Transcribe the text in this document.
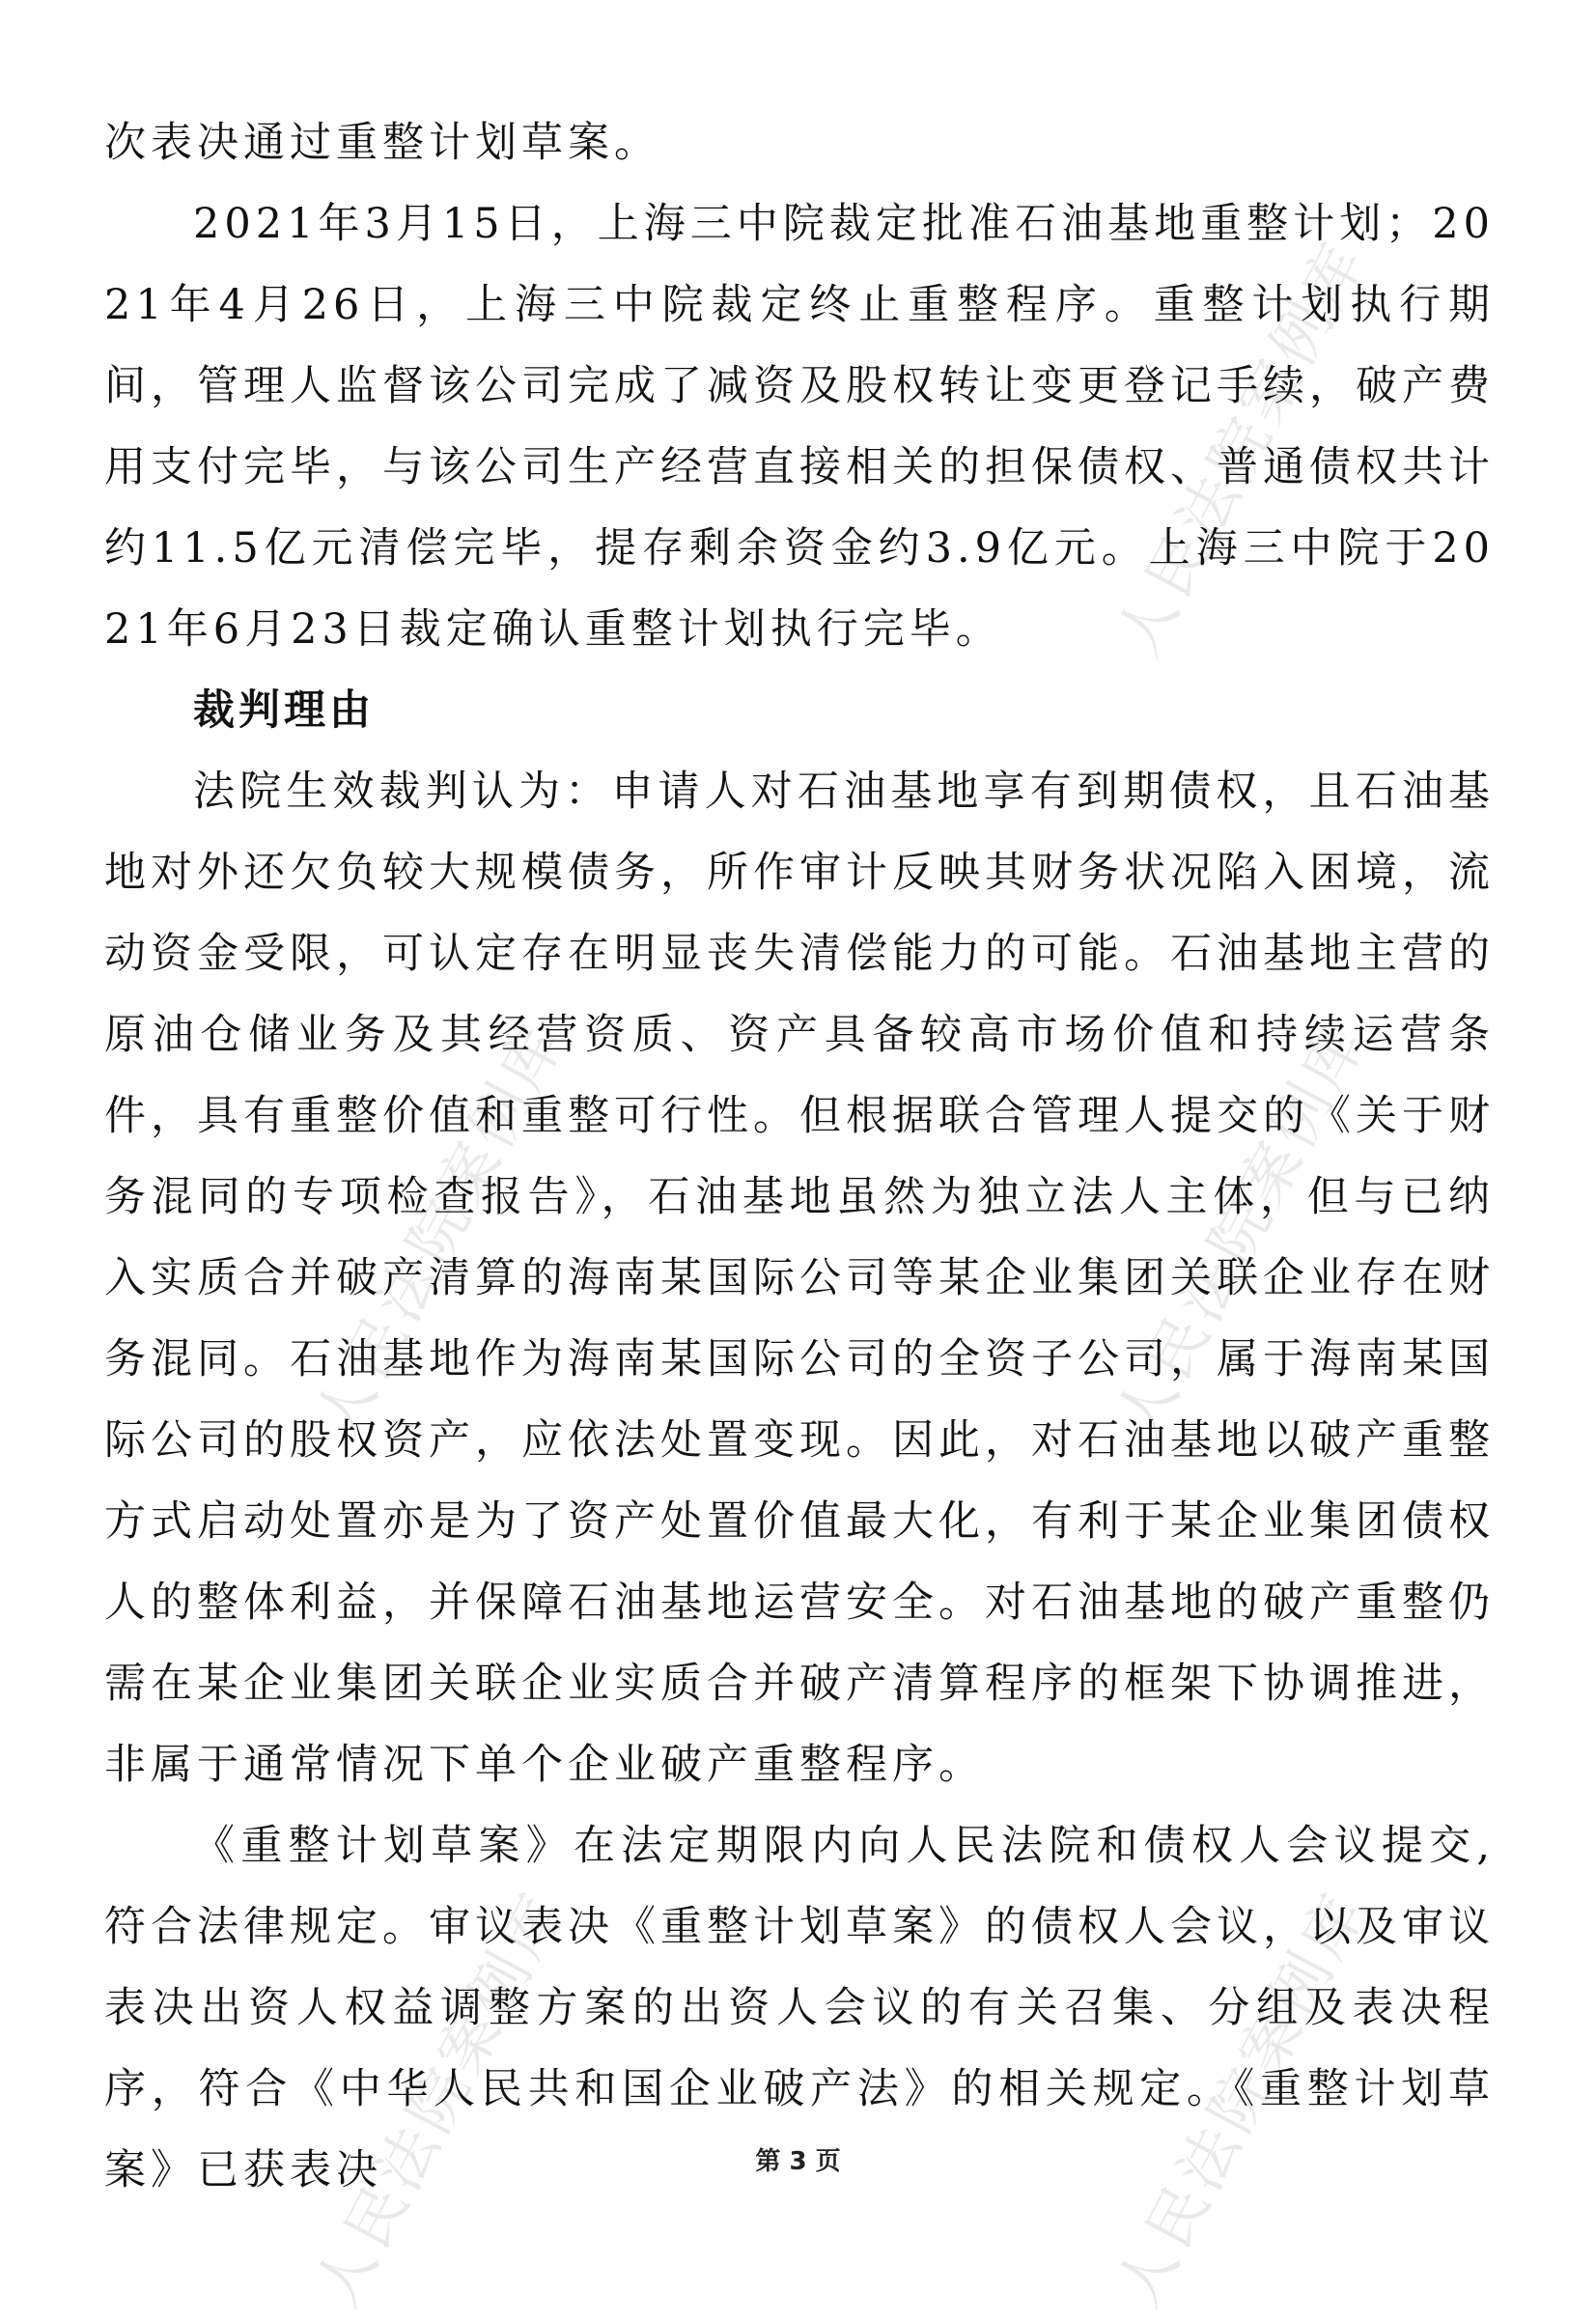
人民法院案例库
人民法院案例库	人民法院案例库
人民法院案例库	人民法院案例库

次表决通过重整计划草案。

2021年3月15日，上海三中院裁定批准石油基地重整计划；2021年4月26日，上海三中院裁定终止重整程序。重整计划执行期间，管理人监督该公司完成了减资及股权转让变更登记手续，破产费用支付完毕，与该公司生产经营直接相关的担保债权、普通债权共计约11.5亿元清偿完毕，提存剩余资金约3.9亿元。上海三中院于2021年6月23日裁定确认重整计划执行完毕。

裁判理由

法院生效裁判认为：申请人对石油基地享有到期债权，且石油基地对外还欠负较大规模债务，所作审计反映其财务状况陷入困境，流动资金受限，可认定存在明显丧失清偿能力的可能。石油基地主营的原油仓储业务及其经营资质、资产具备较高市场价值和持续运营条件，具有重整价值和重整可行性。但根据联合管理人提交的《关于财务混同的专项检查报告》，石油基地虽然为独立法人主体，但与已纳入实质合并破产清算的海南某国际公司等某企业集团关联企业存在财务混同。石油基地作为海南某国际公司的全资子公司，属于海南某国际公司的股权资产，应依法处置变现。因此，对石油基地以破产重整方式启动处置亦是为了资产处置价值最大化，有利于某企业集团债权人的整体利益，并保障石油基地运营安全。对石油基地的破产重整仍需在某企业集团关联企业实质合并破产清算程序的框架下协调推进，非属于通常情况下单个企业破产重整程序。

《重整计划草案》在法定期限内向人民法院和债权人会议提交,符合法律规定。审议表决《重整计划草案》的债权人会议，以及审议表决出资人权益调整方案的出资人会议的有关召集、分组及表决程序，符合《中华人民共和国企业破产法》的相关规定。《重整计划草案》已获表决	第 3 页
